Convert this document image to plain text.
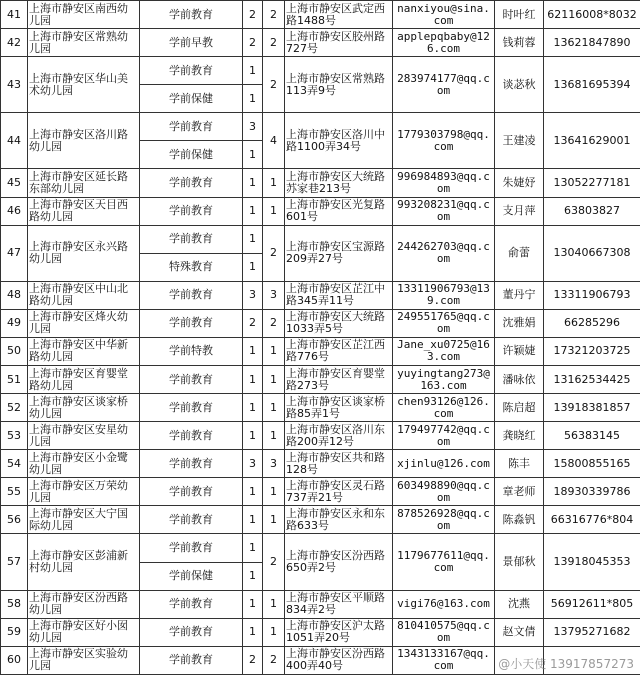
41	上海市静安区南西幼儿园	学前教育	2	2	上海市静安区武定西路1488号	nanxiyou@sina.com	时叶红	62116008*8032
42	上海市静安区常熟幼儿园	学前早教	2	2	上海市静安区胶州路727号	applepqbaby@126.com	钱莉蓉	13621847890
43	上海市静安区华山美术幼儿园	学前教育	1	2	上海市静安区常熟路113弄9号	283974177@qq.com	谈苾秋	13681695394
		学前保健	1					
44	上海市静安区洛川路幼儿园	学前教育	3	4	上海市静安区洛川中路1100弄34号	1779303798@qq.com	王建凌	13641629001
		学前保健	1					
45	上海市静安区延长路东部幼儿园	学前教育	1	1	上海市静安区大统路苏家巷213号	996984893@qq.com	朱婕妤	13052277181
46	上海市静安区天目西路幼儿园	学前教育	1	1	上海市静安区光复路601号	993208231@qq.com	支月萍	63803827
47	上海市静安区永兴路幼儿园	学前教育	1	2	上海市静安区宝源路209弄27号	244262703@qq.com	俞蕾	13040667308
		特殊教育	1					
48	上海市静安区中山北路幼儿园	学前教育	3	3	上海市静安区芷江中路345弄11号	13311906793@139.com	董丹宁	13311906793
49	上海市静安区烽火幼儿园	学前教育	2	2	上海市静安区大统路1033弄5号	249551765@qq.com	沈雅娟	66285296
50	上海市静安区中华新路幼儿园	学前特教	1	1	上海市静安区芷江西路776号	Jane_xu0725@163.com	许颖婕	17321203725
51	上海市静安区育婴堂路幼儿园	学前教育	1	1	上海市静安区育婴堂路273号	yuyingtang273@163.com	潘咏依	13162534425
52	上海市静安区谈家桥幼儿园	学前教育	1	1	上海市静安区谈家桥路85弄1号	chen93126@126.com	陈启超	13918381857
53	上海市静安区安星幼儿园	学前教育	1	1	上海市静安区洛川东路200弄12号	179497742@qq.com	龚晓红	56383145
54	上海市静安区小金鹭幼儿园	学前教育	3	3	上海市静安区共和路128号	xjinlu@126.com	陈丰	15800855165
55	上海市静安区万荣幼儿园	学前教育	1	1	上海市静安区灵石路737弄21号	603498890@qq.com	章老师	18930339786
56	上海市静安区大宁国际幼儿园	学前教育	1	1	上海市静安区永和东路633号	878526928@qq.com	陈淼钒	66316776*804
57	上海市静安区彭浦新村幼儿园	学前教育	1	2	上海市静安区汾西路650弄2号	1179677611@qq.com	景郁秋	13918045353
		学前保健	1					
58	上海市静安区汾西路幼儿园	学前教育	1	1	上海市静安区平顺路834弄2号	vigi76@163.com	沈燕	56912611*805
59	上海市静安区好小囡幼儿园	学前教育	1	1	上海市静安区沪太路1051弄20号	810410575@qq.com	赵文倩	13795271682
60	上海市静安区实验幼儿园	学前教育	2	2	上海市静安区汾西路400弄40号	1343133167@qq.com			@小天使 13917857273
